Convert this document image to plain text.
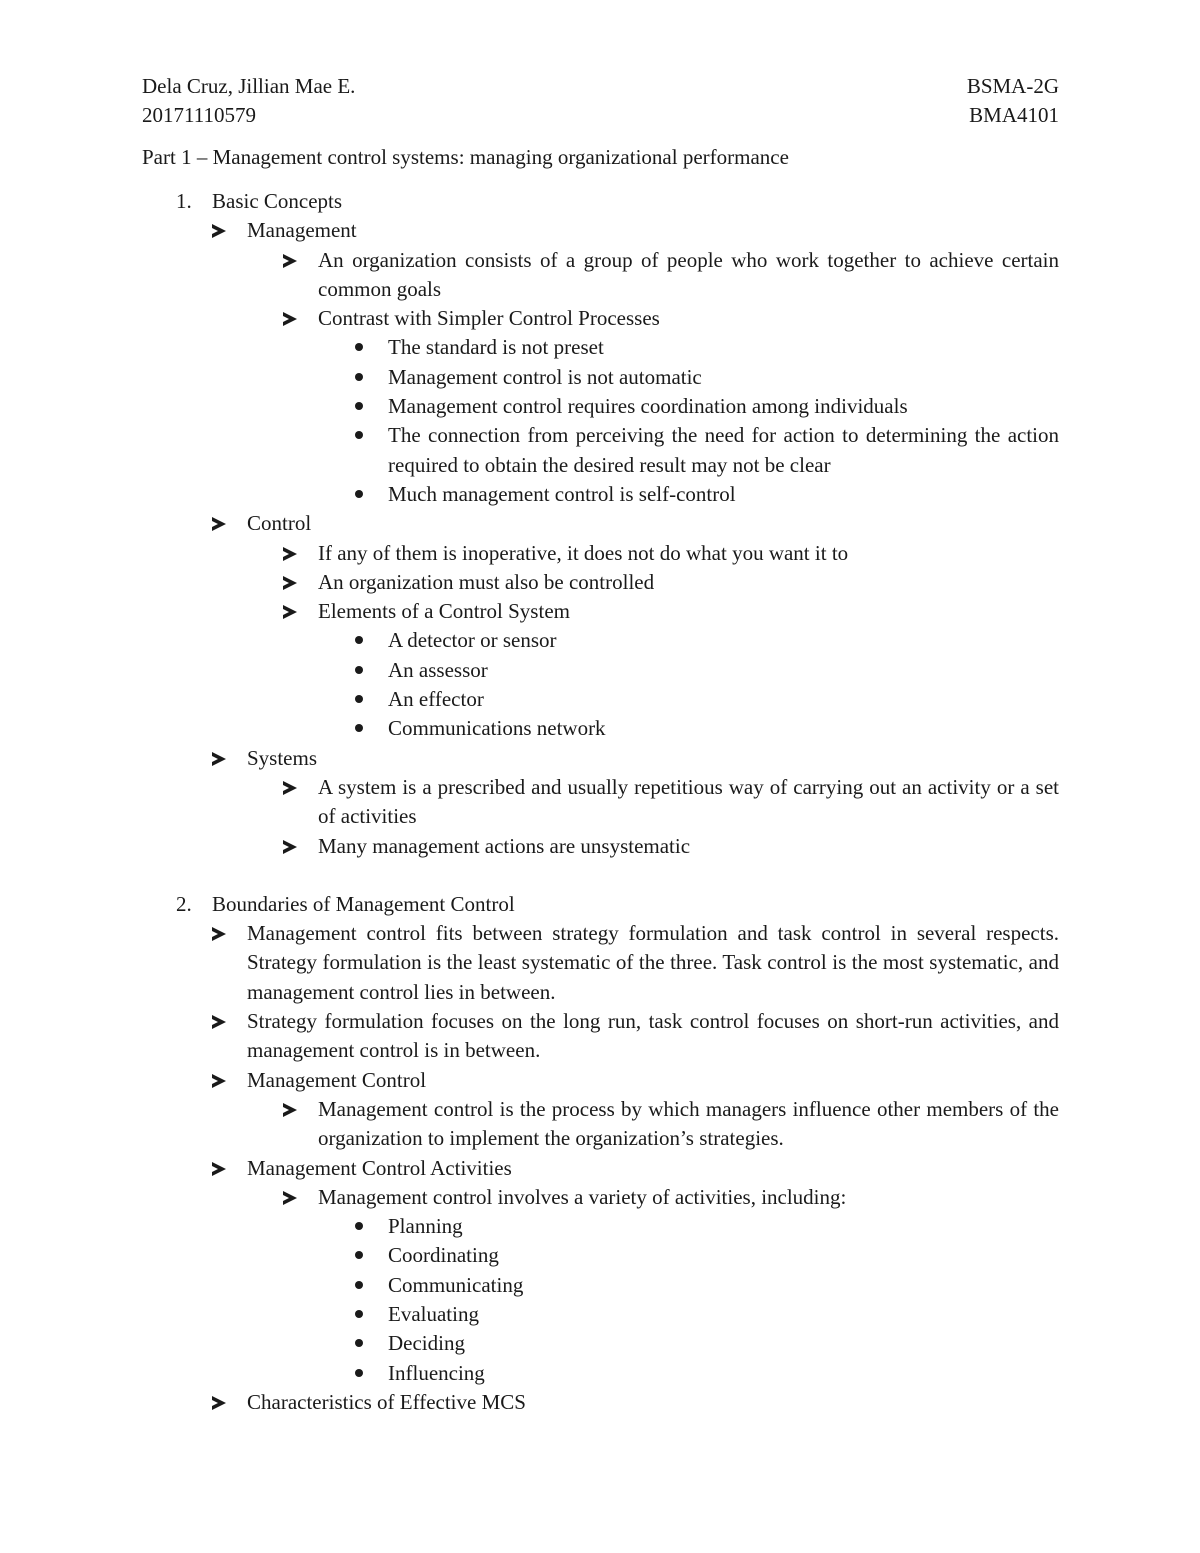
Dela Cruz, Jillian Mae E.	BSMA-2G
20171110579	BMA4101
Part 1 – Management control systems: managing organizational performance
1. Basic Concepts
Management
An organization consists of a group of people who work together to achieve certain common goals
Contrast with Simpler Control Processes
The standard is not preset
Management control is not automatic
Management control requires coordination among individuals
The connection from perceiving the need for action to determining the action required to obtain the desired result may not be clear
Much management control is self-control
Control
If any of them is inoperative, it does not do what you want it to
An organization must also be controlled
Elements of a Control System
A detector or sensor
An assessor
An effector
Communications network
Systems
A system is a prescribed and usually repetitious way of carrying out an activity or a set of activities
Many management actions are unsystematic
2. Boundaries of Management Control
Management control fits between strategy formulation and task control in several respects. Strategy formulation is the least systematic of the three. Task control is the most systematic, and management control lies in between.
Strategy formulation focuses on the long run, task control focuses on short-run activities, and management control is in between.
Management Control
Management control is the process by which managers influence other members of the organization to implement the organization’s strategies.
Management Control Activities
Management control involves a variety of activities, including:
Planning
Coordinating
Communicating
Evaluating
Deciding
Influencing
Characteristics of Effective MCS
